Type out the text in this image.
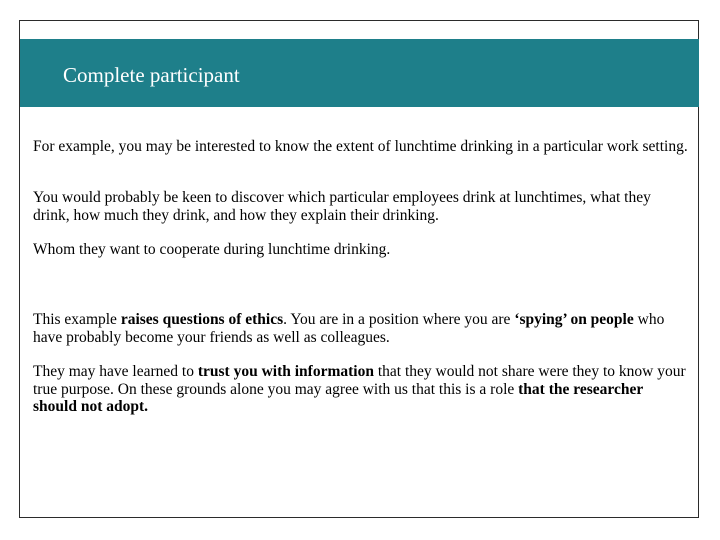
Complete participant

For example, you may be interested to know the extent of lunchtime drinking in a particular work setting.

You would probably be keen to discover which particular employees drink at lunchtimes, what they drink, how much they drink, and how they explain their drinking.

Whom they want to cooperate during lunchtime drinking.

This example raises questions of ethics. You are in a position where you are ‘spying’ on people who have probably become your friends as well as colleagues.

They may have learned to trust you with information that they would not share were they to know your true purpose. On these grounds alone you may agree with us that this is a role that the researcher should not adopt.
